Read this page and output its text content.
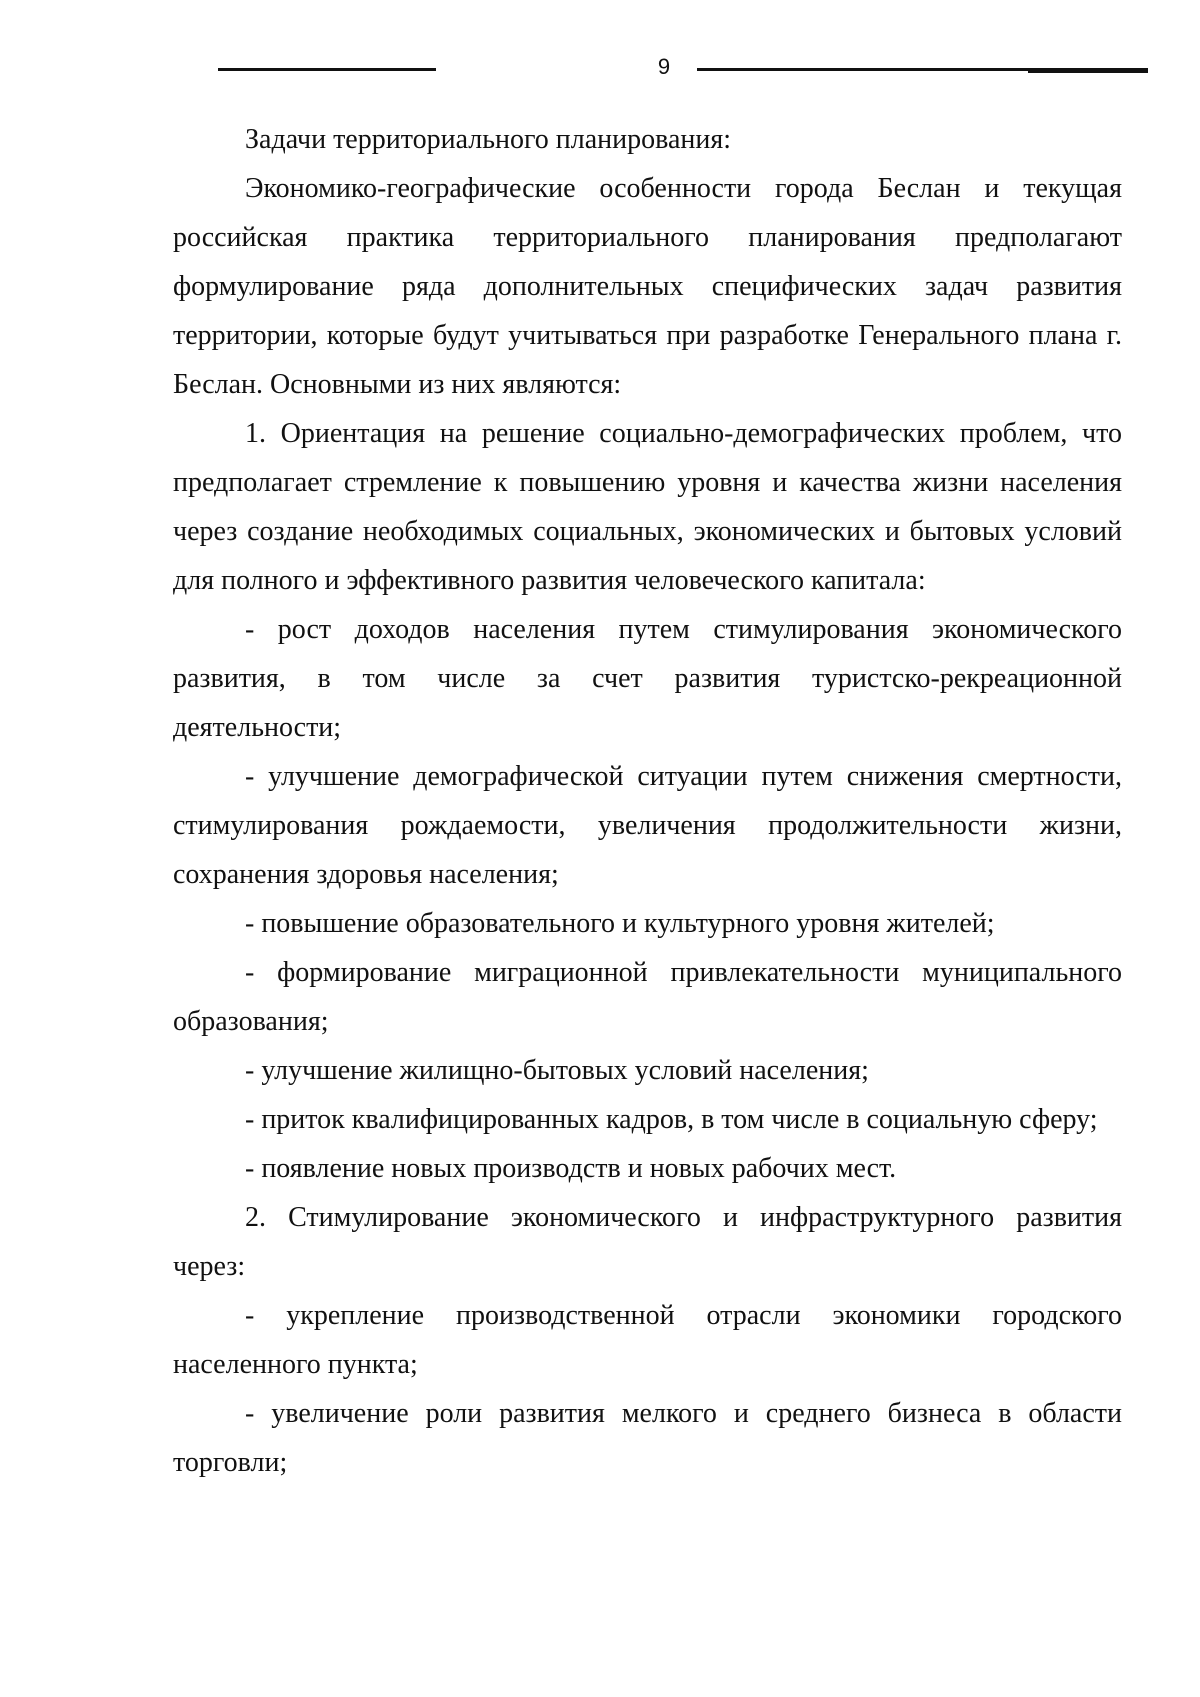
9

Задачи территориального планирования:

Экономико-географические особенности города Беслан и текущая российская практика территориального планирования предполагают формулирование ряда дополнительных специфических задач развития территории, которые будут учитываться при разработке Генерального плана г. Беслан. Основными из них являются:

1. Ориентация на решение социально-демографических проблем, что предполагает стремление к повышению уровня и качества жизни населения через создание необходимых социальных, экономических и бытовых условий для полного и эффективного развития человеческого капитала:

- рост доходов населения путем стимулирования экономического развития, в том числе за счет развития туристско-рекреационной деятельности;

- улучшение демографической ситуации путем снижения смертности, стимулирования рождаемости, увеличения продолжительности жизни, сохранения здоровья населения;

- повышение образовательного и культурного уровня жителей;

- формирование миграционной привлекательности муниципального образования;

- улучшение жилищно-бытовых условий населения;

- приток квалифицированных кадров, в том числе в социальную сферу;

- появление новых производств и новых рабочих мест.

2. Стимулирование экономического и инфраструктурного развития через:

- укрепление производственной отрасли экономики городского населенного пункта;

- увеличение роли развития мелкого и среднего бизнеса в области торговли;
